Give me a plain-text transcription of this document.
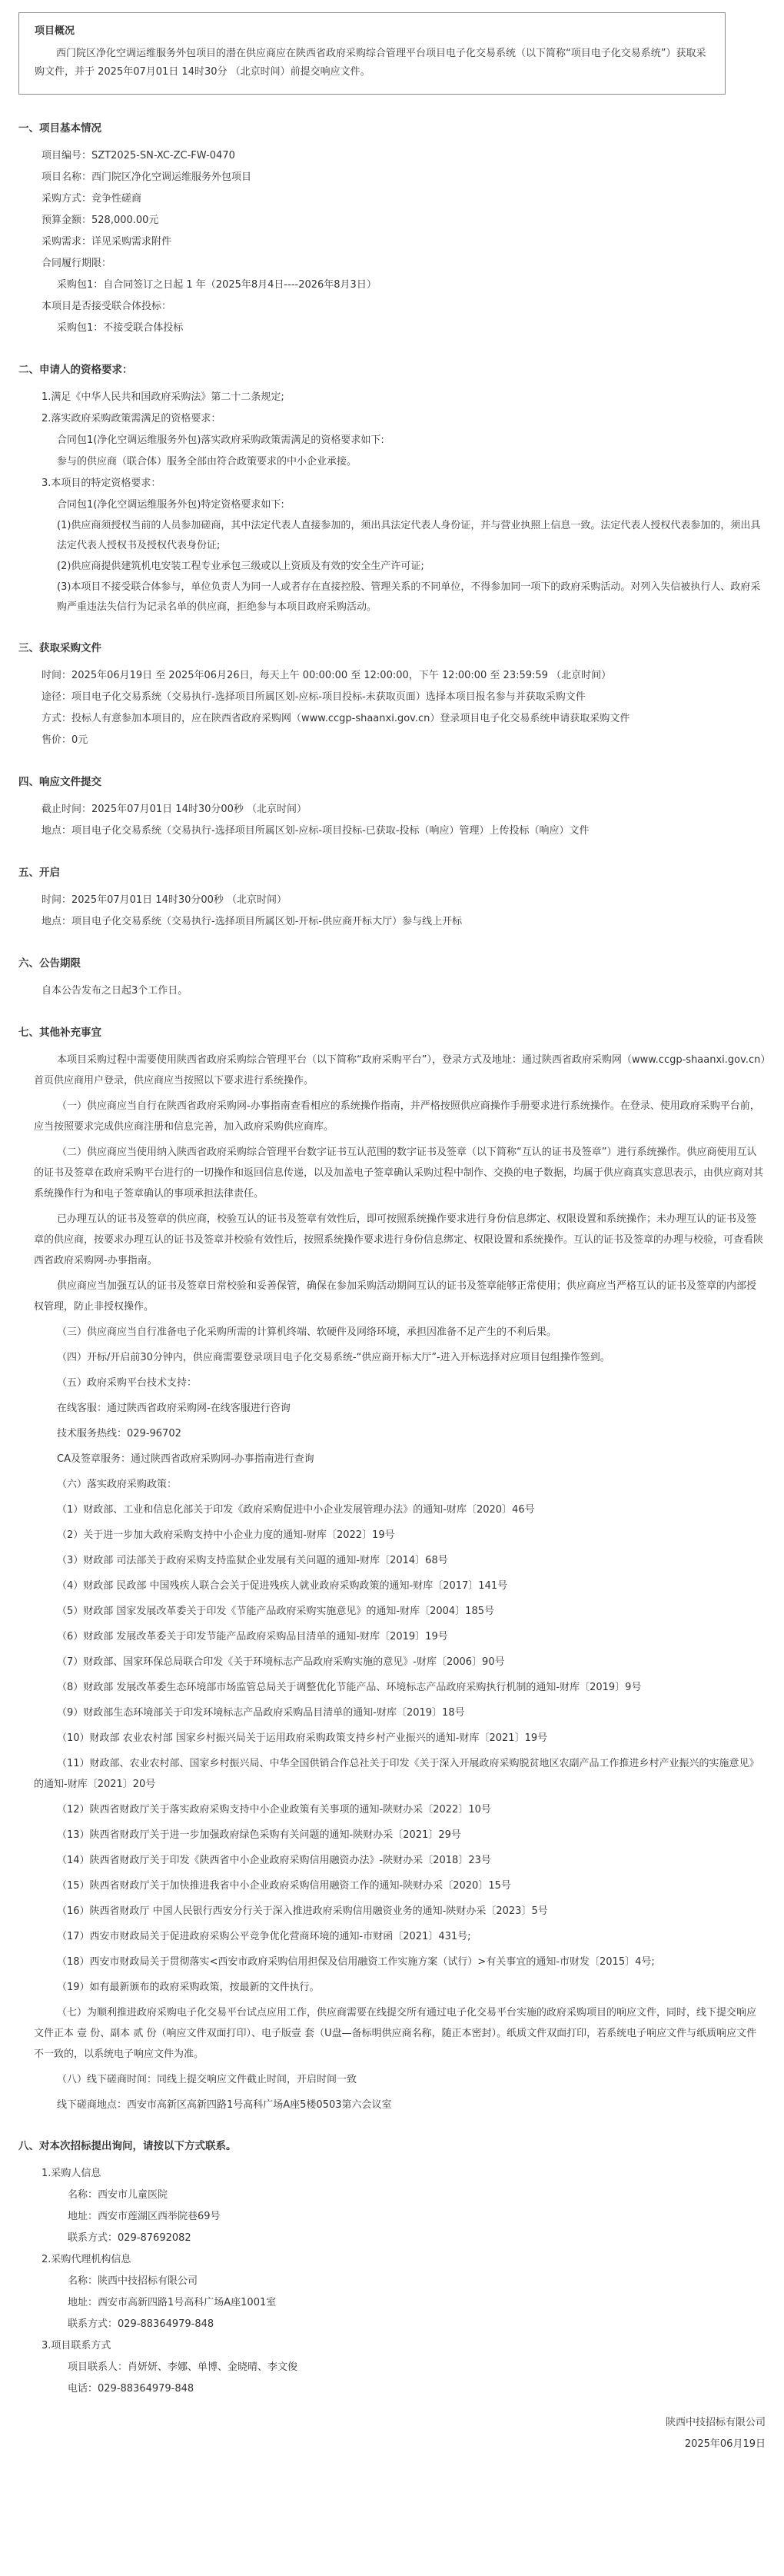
项目概况
西门院区净化空调运维服务外包项目的潜在供应商应在陕西省政府采购综合管理平台项目电子化交易系统（以下简称“项目电子化交易系统”）获取采购文件，并于 2025年07月01日 14时30分 （北京时间）前提交响应文件。
一、项目基本情况
项目编号：SZT2025-SN-XC-ZC-FW-0470
项目名称：西门院区净化空调运维服务外包项目
采购方式：竞争性磋商
预算金额：528,000.00元
采购需求：详见采购需求附件
合同履行期限：
采购包1：自合同签订之日起 1 年（2025年8月4日----2026年8月3日）
本项目是否接受联合体投标：
采购包1：不接受联合体投标
二、申请人的资格要求：
1.满足《中华人民共和国政府采购法》第二十二条规定;
2.落实政府采购政策需满足的资格要求：
合同包1(净化空调运维服务外包)落实政府采购政策需满足的资格要求如下:
参与的供应商（联合体）服务全部由符合政策要求的中小企业承接。
3.本项目的特定资格要求：
合同包1(净化空调运维服务外包)特定资格要求如下:
(1)供应商须授权当前的人员参加磋商，其中法定代表人直接参加的，须出具法定代表人身份证，并与营业执照上信息一致。法定代表人授权代表参加的，须出具法定代表人授权书及授权代表身份证;
(2)供应商提供建筑机电安装工程专业承包三级或以上资质及有效的安全生产许可证;
(3)本项目不接受联合体参与，单位负责人为同一人或者存在直接控股、管理关系的不同单位，不得参加同一项下的政府采购活动。对列入失信被执行人、政府采购严重违法失信行为记录名单的供应商，拒绝参与本项目政府采购活动。
三、获取采购文件
时间：2025年06月19日 至 2025年06月26日，每天上午 00:00:00 至 12:00:00，下午 12:00:00 至 23:59:59 （北京时间）
途径：项目电子化交易系统（交易执行-选择项目所属区划-应标-项目投标-未获取页面）选择本项目报名参与并获取采购文件
方式：投标人有意参加本项目的，应在陕西省政府采购网（www.ccgp-shaanxi.gov.cn）登录项目电子化交易系统申请获取采购文件
售价：0元
四、响应文件提交
截止时间：2025年07月01日 14时30分00秒 （北京时间）
地点：项目电子化交易系统（交易执行-选择项目所属区划-应标-项目投标-已获取-投标（响应）管理）上传投标（响应）文件
五、开启
时间：2025年07月01日 14时30分00秒 （北京时间）
地点：项目电子化交易系统（交易执行-选择项目所属区划-开标-供应商开标大厅）参与线上开标
六、公告期限
自本公告发布之日起3个工作日。
七、其他补充事宜
本项目采购过程中需要使用陕西省政府采购综合管理平台（以下简称“政府采购平台”），登录方式及地址：通过陕西省政府采购网（www.ccgp-shaanxi.gov.cn）首页供应商用户登录，供应商应当按照以下要求进行系统操作。
（一）供应商应当自行在陕西省政府采购网-办事指南查看相应的系统操作指南，并严格按照供应商操作手册要求进行系统操作。在登录、使用政府采购平台前，应当按照要求完成供应商注册和信息完善，加入政府采购供应商库。
（二）供应商应当使用纳入陕西省政府采购综合管理平台数字证书互认范围的数字证书及签章（以下简称“互认的证书及签章”）进行系统操作。供应商使用互认的证书及签章在政府采购平台进行的一切操作和返回信息传递，以及加盖电子签章确认采购过程中制作、交换的电子数据，均属于供应商真实意思表示，由供应商对其系统操作行为和电子签章确认的事项承担法律责任。
已办理互认的证书及签章的供应商，校验互认的证书及签章有效性后，即可按照系统操作要求进行身份信息绑定、权限设置和系统操作；未办理互认的证书及签章的供应商，按要求办理互认的证书及签章并校验有效性后，按照系统操作要求进行身份信息绑定、权限设置和系统操作。互认的证书及签章的办理与校验，可查看陕西省政府采购网-办事指南。
供应商应当加强互认的证书及签章日常校验和妥善保管，确保在参加采购活动期间互认的证书及签章能够正常使用；供应商应当严格互认的证书及签章的内部授权管理，防止非授权操作。
（三）供应商应当自行准备电子化采购所需的计算机终端、软硬件及网络环境，承担因准备不足产生的不利后果。
（四）开标/开启前30分钟内，供应商需要登录项目电子化交易系统-“供应商开标大厅”-进入开标选择对应项目包组操作签到。
（五）政府采购平台技术支持：
在线客服：通过陕西省政府采购网-在线客服进行咨询
技术服务热线：029-96702
CA及签章服务：通过陕西省政府采购网-办事指南进行查询
（六）落实政府采购政策：
（1）财政部、工业和信息化部关于印发《政府采购促进中小企业发展管理办法》的通知-财库〔2020〕46号
（2）关于进一步加大政府采购支持中小企业力度的通知-财库〔2022〕19号
（3）财政部 司法部关于政府采购支持监狱企业发展有关问题的通知-财库〔2014〕68号
（4）财政部 民政部 中国残疾人联合会关于促进残疾人就业政府采购政策的通知-财库〔2017〕141号
（5）财政部 国家发展改革委关于印发《节能产品政府采购实施意见》的通知-财库〔2004〕185号
（6）财政部 发展改革委关于印发节能产品政府采购品目清单的通知-财库〔2019〕19号
（7）财政部、国家环保总局联合印发《关于环境标志产品政府采购实施的意见》-财库〔2006〕90号
（8）财政部 发展改革委生态环境部市场监管总局关于调整优化节能产品、环境标志产品政府采购执行机制的通知-财库〔2019〕9号
（9）财政部生态环境部关于印发环境标志产品政府采购品目清单的通知-财库〔2019〕18号
（10）财政部 农业农村部 国家乡村振兴局关于运用政府采购政策支持乡村产业振兴的通知-财库〔2021〕19号
（11）财政部、农业农村部、国家乡村振兴局、中华全国供销合作总社关于印发《关于深入开展政府采购脱贫地区农副产品工作推进乡村产业振兴的实施意见》的通知-财库〔2021〕20号
（12）陕西省财政厅关于落实政府采购支持中小企业政策有关事项的通知-陕财办采〔2022〕10号
（13）陕西省财政厅关于进一步加强政府绿色采购有关问题的通知-陕财办采〔2021〕29号
（14）陕西省财政厅关于印发《陕西省中小企业政府采购信用融资办法》-陕财办采〔2018〕23号
（15）陕西省财政厅关于加快推进我省中小企业政府采购信用融资工作的通知-陕财办采〔2020〕15号
（16）陕西省财政厅 中国人民银行西安分行关于深入推进政府采购信用融资业务的通知-陕财办采〔2023〕5号
（17）西安市财政局关于促进政府采购公平竞争优化营商环境的通知-市财函〔2021〕431号;
（18）西安市财政局关于贯彻落实<西安市政府采购信用担保及信用融资工作实施方案（试行）>有关事宜的通知-市财发〔2015〕4号;
（19）如有最新颁布的政府采购政策，按最新的文件执行。
（七）为顺利推进政府采购电子化交易平台试点应用工作，供应商需要在线提交所有通过电子化交易平台实施的政府采购项目的响应文件，同时，线下提交响应文件正本 壹 份、副本 贰 份（响应文件双面打印）、电子版壹 套（U盘—备标明供应商名称，随正本密封）。纸质文件双面打印，若系统电子响应文件与纸质响应文件不一致的，以系统电子响应文件为准。
（八）线下磋商时间：同线上提交响应文件截止时间，开启时间一致
线下磋商地点：西安市高新区高新四路1号高科广场A座5楼0503第六会议室
八、对本次招标提出询问，请按以下方式联系。
1.采购人信息
名称：西安市儿童医院
地址：西安市莲湖区西举院巷69号
联系方式：029-87692082
2.采购代理机构信息
名称：陕西中技招标有限公司
地址：西安市高新四路1号高科广场A座1001室
联系方式：029-88364979-848
3.项目联系方式
项目联系人：肖妍妍、李娜、单博、金晓晴、李文俊
电话：029-88364979-848
陕西中技招标有限公司
2025年06月19日
